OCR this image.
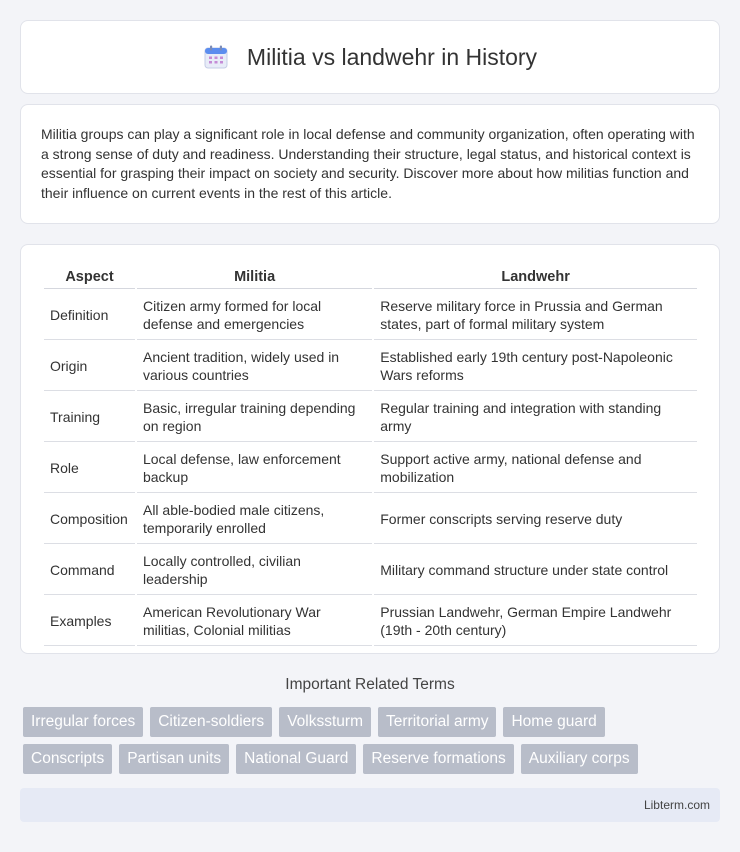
Militia vs landwehr in History

Militia groups can play a significant role in local defense and community organization, often operating with a strong sense of duty and readiness. Understanding their structure, legal status, and historical context is essential for grasping their impact on society and security. Discover more about how militias function and their influence on current events in the rest of this article.

Aspect	Militia	Landwehr
Definition	Citizen army formed for local defense and emergencies	Reserve military force in Prussia and German states, part of formal military system
Origin	Ancient tradition, widely used in various countries	Established early 19th century post-Napoleonic Wars reforms
Training	Basic, irregular training depending on region	Regular training and integration with standing army
Role	Local defense, law enforcement backup	Support active army, national defense and mobilization
Composition	All able-bodied male citizens, temporarily enrolled	Former conscripts serving reserve duty
Command	Locally controlled, civilian leadership	Military command structure under state control
Examples	American Revolutionary War militias, Colonial militias	Prussian Landwehr, German Empire Landwehr (19th - 20th century)
Important Related Terms
Irregular forces	Citizen-soldiers	Volkssturm	Territorial army	Home guard
Conscripts	Partisan units	National Guard	Reserve formations	Auxiliary corps
Libterm.com
